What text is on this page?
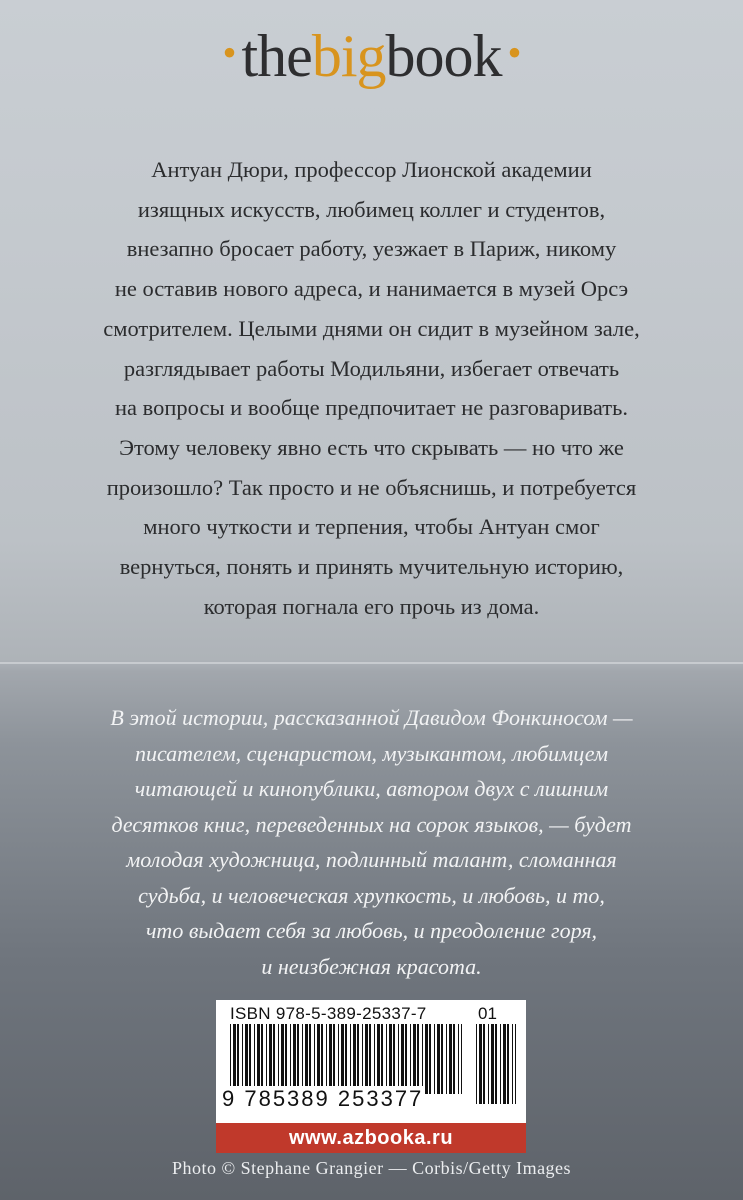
• thebigbook •
Антуан Дюри, профессор Лионской академии
изящных искусств, любимец коллег и студентов,
внезапно бросает работу, уезжает в Париж, никому
не оставив нового адреса, и нанимается в музей Орсэ
смотрителем. Целыми днями он сидит в музейном зале,
разглядывает работы Модильяни, избегает отвечать
на вопросы и вообще предпочитает не разговаривать.
Этому человеку явно есть что скрывать — но что же
произошло? Так просто и не объяснишь, и потребуется
много чуткости и терпения, чтобы Антуан смог
вернуться, понять и принять мучительную историю,
которая погнала его прочь из дома.
В этой истории, рассказанной Давидом Фонкиносом —
писателем, сценаристом, музыкантом, любимцем
читающей и кинопублики, автором двух с лишним
десятков книг, переведенных на сорок языков, — будет
молодая художница, подлинный талант, сломанная
судьба, и человеческая хрупкость, и любовь, и то,
что выдает себя за любовь, и преодоление горя,
и неизбежная красота.
ISBN 978-5-389-25337-7	01
9 785389 253377
www.azbooka.ru
Photo © Stephane Grangier — Corbis/Getty Images
